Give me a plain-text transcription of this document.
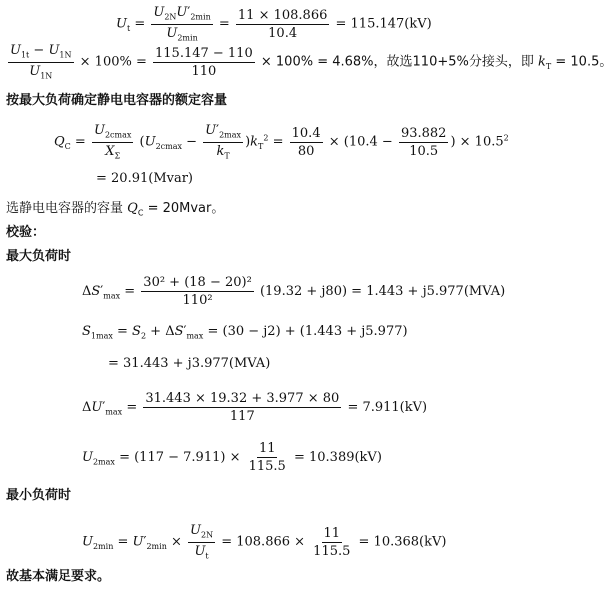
$U_t = \frac{U_{2N}U'_{2min}}{U_{2min}} = \frac{11 \times 108.866}{10.4} = 115.147(kV)$
$\frac{U_{1t} - U_{1N}}{U_{1N}} \times 100\% = \frac{115.147 - 110}{110} \times 100\% = 4.68\%$，故选110+5%分接头，即 $k_T = 10.5$。
按最大负荷确定静电电容器的额定容量
$Q_C = \frac{U_{2cmax}}{X_\Sigma} (U_{2cmax} - \frac{U'_{2max}}{k_T} )k_T^2 = \frac{10.4}{80} \times (10.4 - \frac{93.882}{10.5}$ ) × $10.5^2$
= 20.91(Mvar)
选静电电容器的容量 $Q_C$ = 20Mvar。
校验：
最大负荷时
$\Delta S'_{max} = \frac{\text{30² + (18 − 20)²}}{\text{110²}} (19.32 + j80) = 1.443 + j5.977(MVA)$
$S_{1max} = S_2 + \Delta S'_{max} = (30 - j2) + (1.443 + j5.977)$
= 31.443 + j3.977(MVA)
$\Delta U'_{max} = \frac{31.443 \times 19.32 + 3.977 \times 80}{117} = 7.911(kV)$
$U_{2max} = (117 - 7.911) \times \frac{11}{115.5} = 10.389(kV)$
最小负荷时
$U_{2min} = U'_{2min} \times \frac{U_{2N}}{U_t} = 108.866 \times \frac{11}{115.5} = 10.368(kV)$
故基本满足要求。
